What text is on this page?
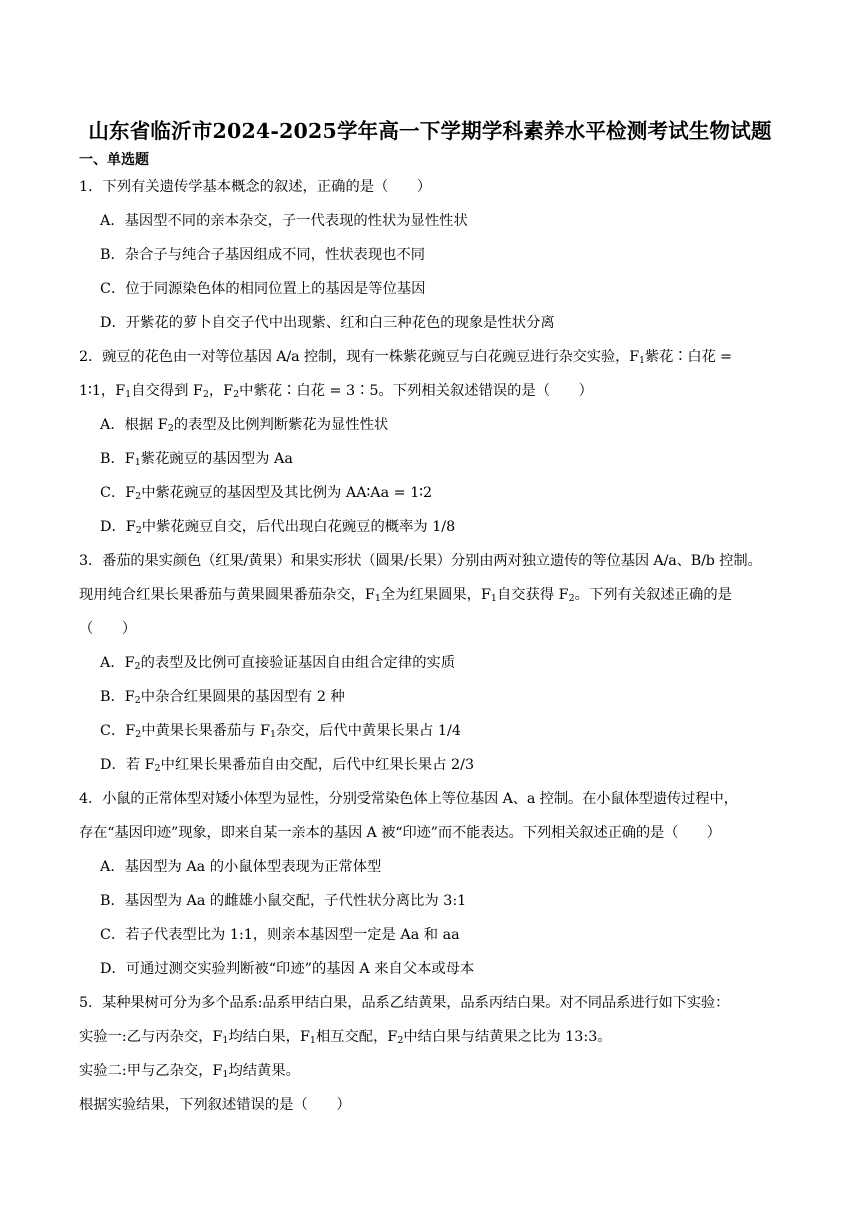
山东省临沂市2024-2025学年高一下学期学科素养水平检测考试生物试题
一、单选题
1．下列有关遗传学基本概念的叙述，正确的是（　　）
A．基因型不同的亲本杂交，子一代表现的性状为显性性状
B．杂合子与纯合子基因组成不同，性状表现也不同
C．位于同源染色体的相同位置上的基因是等位基因
D．开紫花的萝卜自交子代中出现紫、红和白三种花色的现象是性状分离
2．豌豆的花色由一对等位基因 A/a 控制，现有一株紫花豌豆与白花豌豆进行杂交实验，$F_1$紫花∶白花 =
1∶1，$F_1$自交得到 $F_2$，$F_2$中紫花∶白花 = 3∶5。下列相关叙述错误的是（　　）
A．根据 $F_2$的表型及比例判断紫花为显性性状
B．$F_1$紫花豌豆的基因型为 Aa
C．$F_2$中紫花豌豆的基因型及其比例为 AA∶Aa = 1∶2
D．$F_2$中紫花豌豆自交，后代出现白花豌豆的概率为 1/8
3．番茄的果实颜色（红果/黄果）和果实形状（圆果/长果）分别由两对独立遗传的等位基因 A/a、B/b 控制。
现用纯合红果长果番茄与黄果圆果番茄杂交，$F_1$全为红果圆果，$F_1$自交获得 $F_2$。下列有关叙述正确的是
（　　）
A．$F_2$的表型及比例可直接验证基因自由组合定律的实质
B．$F_2$中杂合红果圆果的基因型有 2 种
C．$F_2$中黄果长果番茄与 $F_1$杂交，后代中黄果长果占 1/4
D．若 $F_2$中红果长果番茄自由交配，后代中红果长果占 2/3
4．小鼠的正常体型对矮小体型为显性，分别受常染色体上等位基因 A、a 控制。在小鼠体型遗传过程中，
存在“基因印迹”现象，即来自某一亲本的基因 A 被“印迹”而不能表达。下列相关叙述正确的是（　　）
A．基因型为 Aa 的小鼠体型表现为正常体型
B．基因型为 Aa 的雌雄小鼠交配，子代性状分离比为 3:1
C．若子代表型比为 1:1，则亲本基因型一定是 Aa 和 aa
D．可通过测交实验判断被“印迹”的基因 A 来自父本或母本
5．某种果树可分为多个品系:品系甲结白果，品系乙结黄果，品系丙结白果。对不同品系进行如下实验：
实验一:乙与丙杂交，$F_1$均结白果，$F_1$相互交配，$F_2$中结白果与结黄果之比为 13:3。
实验二:甲与乙杂交，$F_1$均结黄果。
根据实验结果，下列叙述错误的是（　　）
